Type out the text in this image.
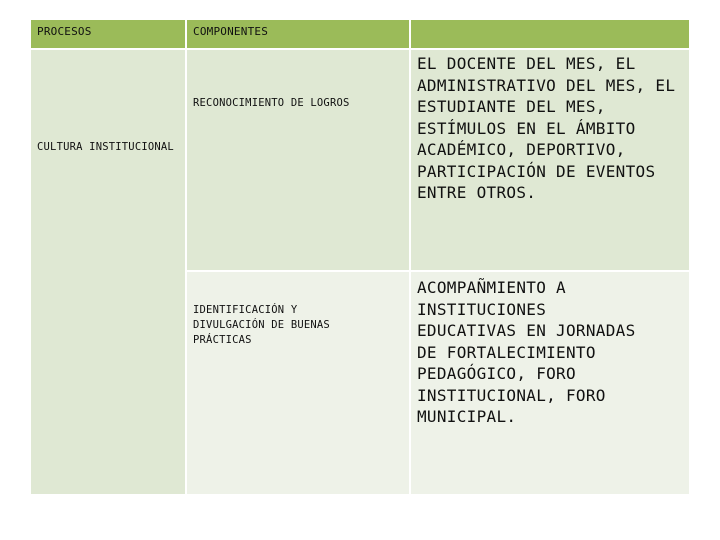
PROCESOS	COMPONENTES
CULTURA INSTITUCIONAL
RECONOCIMIENTO DE LOGROS
EL DOCENTE DEL MES, EL ADMINISTRATIVO DEL MES, EL ESTUDIANTE DEL MES, ESTÍMULOS EN EL ÁMBITO ACADÉMICO, DEPORTIVO, PARTICIPACIÓN DE EVENTOS ENTRE OTROS.
IDENTIFICACIÓN Y DIVULGACIÓN DE BUENAS PRÁCTICAS
ACOMPAÑMIENTO A INSTITUCIONES EDUCATIVAS EN JORNADAS DE FORTALECIMIENTO PEDAGÓGICO, FORO INSTITUCIONAL, FORO MUNICIPAL.
